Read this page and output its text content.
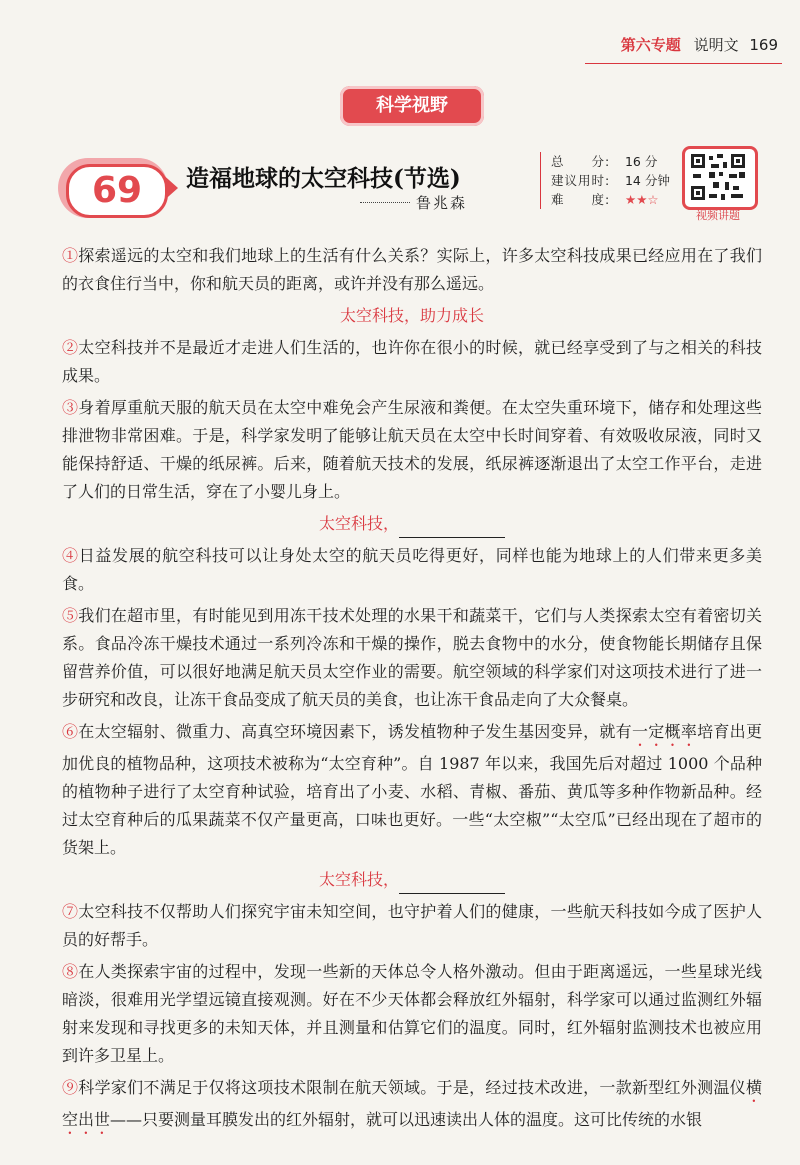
第六专题 说明文 169
科学视野
69	造福地球的太空科技(节选)
鲁兆森
总　　分: 16 分
建议用时: 14 分钟
难　　度: ★★☆
视频讲题

①探索遥远的太空和我们地球上的生活有什么关系？实际上，许多太空科技成果已经应用在了我们的衣食住行当中，你和航天员的距离，或许并没有那么遥远。

太空科技，助力成长

②太空科技并不是最近才走进人们生活的，也许你在很小的时候，就已经享受到了与之相关的科技成果。

③身着厚重航天服的航天员在太空中难免会产生尿液和粪便。在太空失重环境下，储存和处理这些排泄物非常困难。于是，科学家发明了能够让航天员在太空中长时间穿着、有效吸收尿液，同时又能保持舒适、干燥的纸尿裤。后来，随着航天技术的发展，纸尿裤逐渐退出了太空工作平台，走进了人们的日常生活，穿在了小婴儿身上。

太空科技，

④日益发展的航空科技可以让身处太空的航天员吃得更好，同样也能为地球上的人们带来更多美食。

⑤我们在超市里，有时能见到用冻干技术处理的水果干和蔬菜干，它们与人类探索太空有着密切关系。食品冷冻干燥技术通过一系列冷冻和干燥的操作，脱去食物中的水分，使食物能长期储存且保留营养价值，可以很好地满足航天员太空作业的需要。航空领域的科学家们对这项技术进行了进一步研究和改良，让冻干食品变成了航天员的美食，也让冻干食品走向了大众餐桌。

⑥在太空辐射、微重力、高真空环境因素下，诱发植物种子发生基因变异，就有一定概率培育出更加优良的植物品种，这项技术被称为“太空育种”。自 1987 年以来，我国先后对超过 1000 个品种的植物种子进行了太空育种试验，培育出了小麦、水稻、青椒、番茄、黄瓜等多种作物新品种。经过太空育种后的瓜果蔬菜不仅产量更高，口味也更好。一些“太空椒”“太空瓜”已经出现在了超市的货架上。

太空科技，

⑦太空科技不仅帮助人们探究宇宙未知空间，也守护着人们的健康，一些航天科技如今成了医护人员的好帮手。

⑧在人类探索宇宙的过程中，发现一些新的天体总令人格外激动。但由于距离遥远，一些星球光线暗淡，很难用光学望远镜直接观测。好在不少天体都会释放红外辐射，科学家可以通过监测红外辐射来发现和寻找更多的未知天体，并且测量和估算它们的温度。同时，红外辐射监测技术也被应用到许多卫星上。

⑨科学家们不满足于仅将这项技术限制在航天领域。于是，经过技术改进，一款新型红外测温仪横空出世——只要测量耳膜发出的红外辐射，就可以迅速读出人体的温度。这可比传统的水银
